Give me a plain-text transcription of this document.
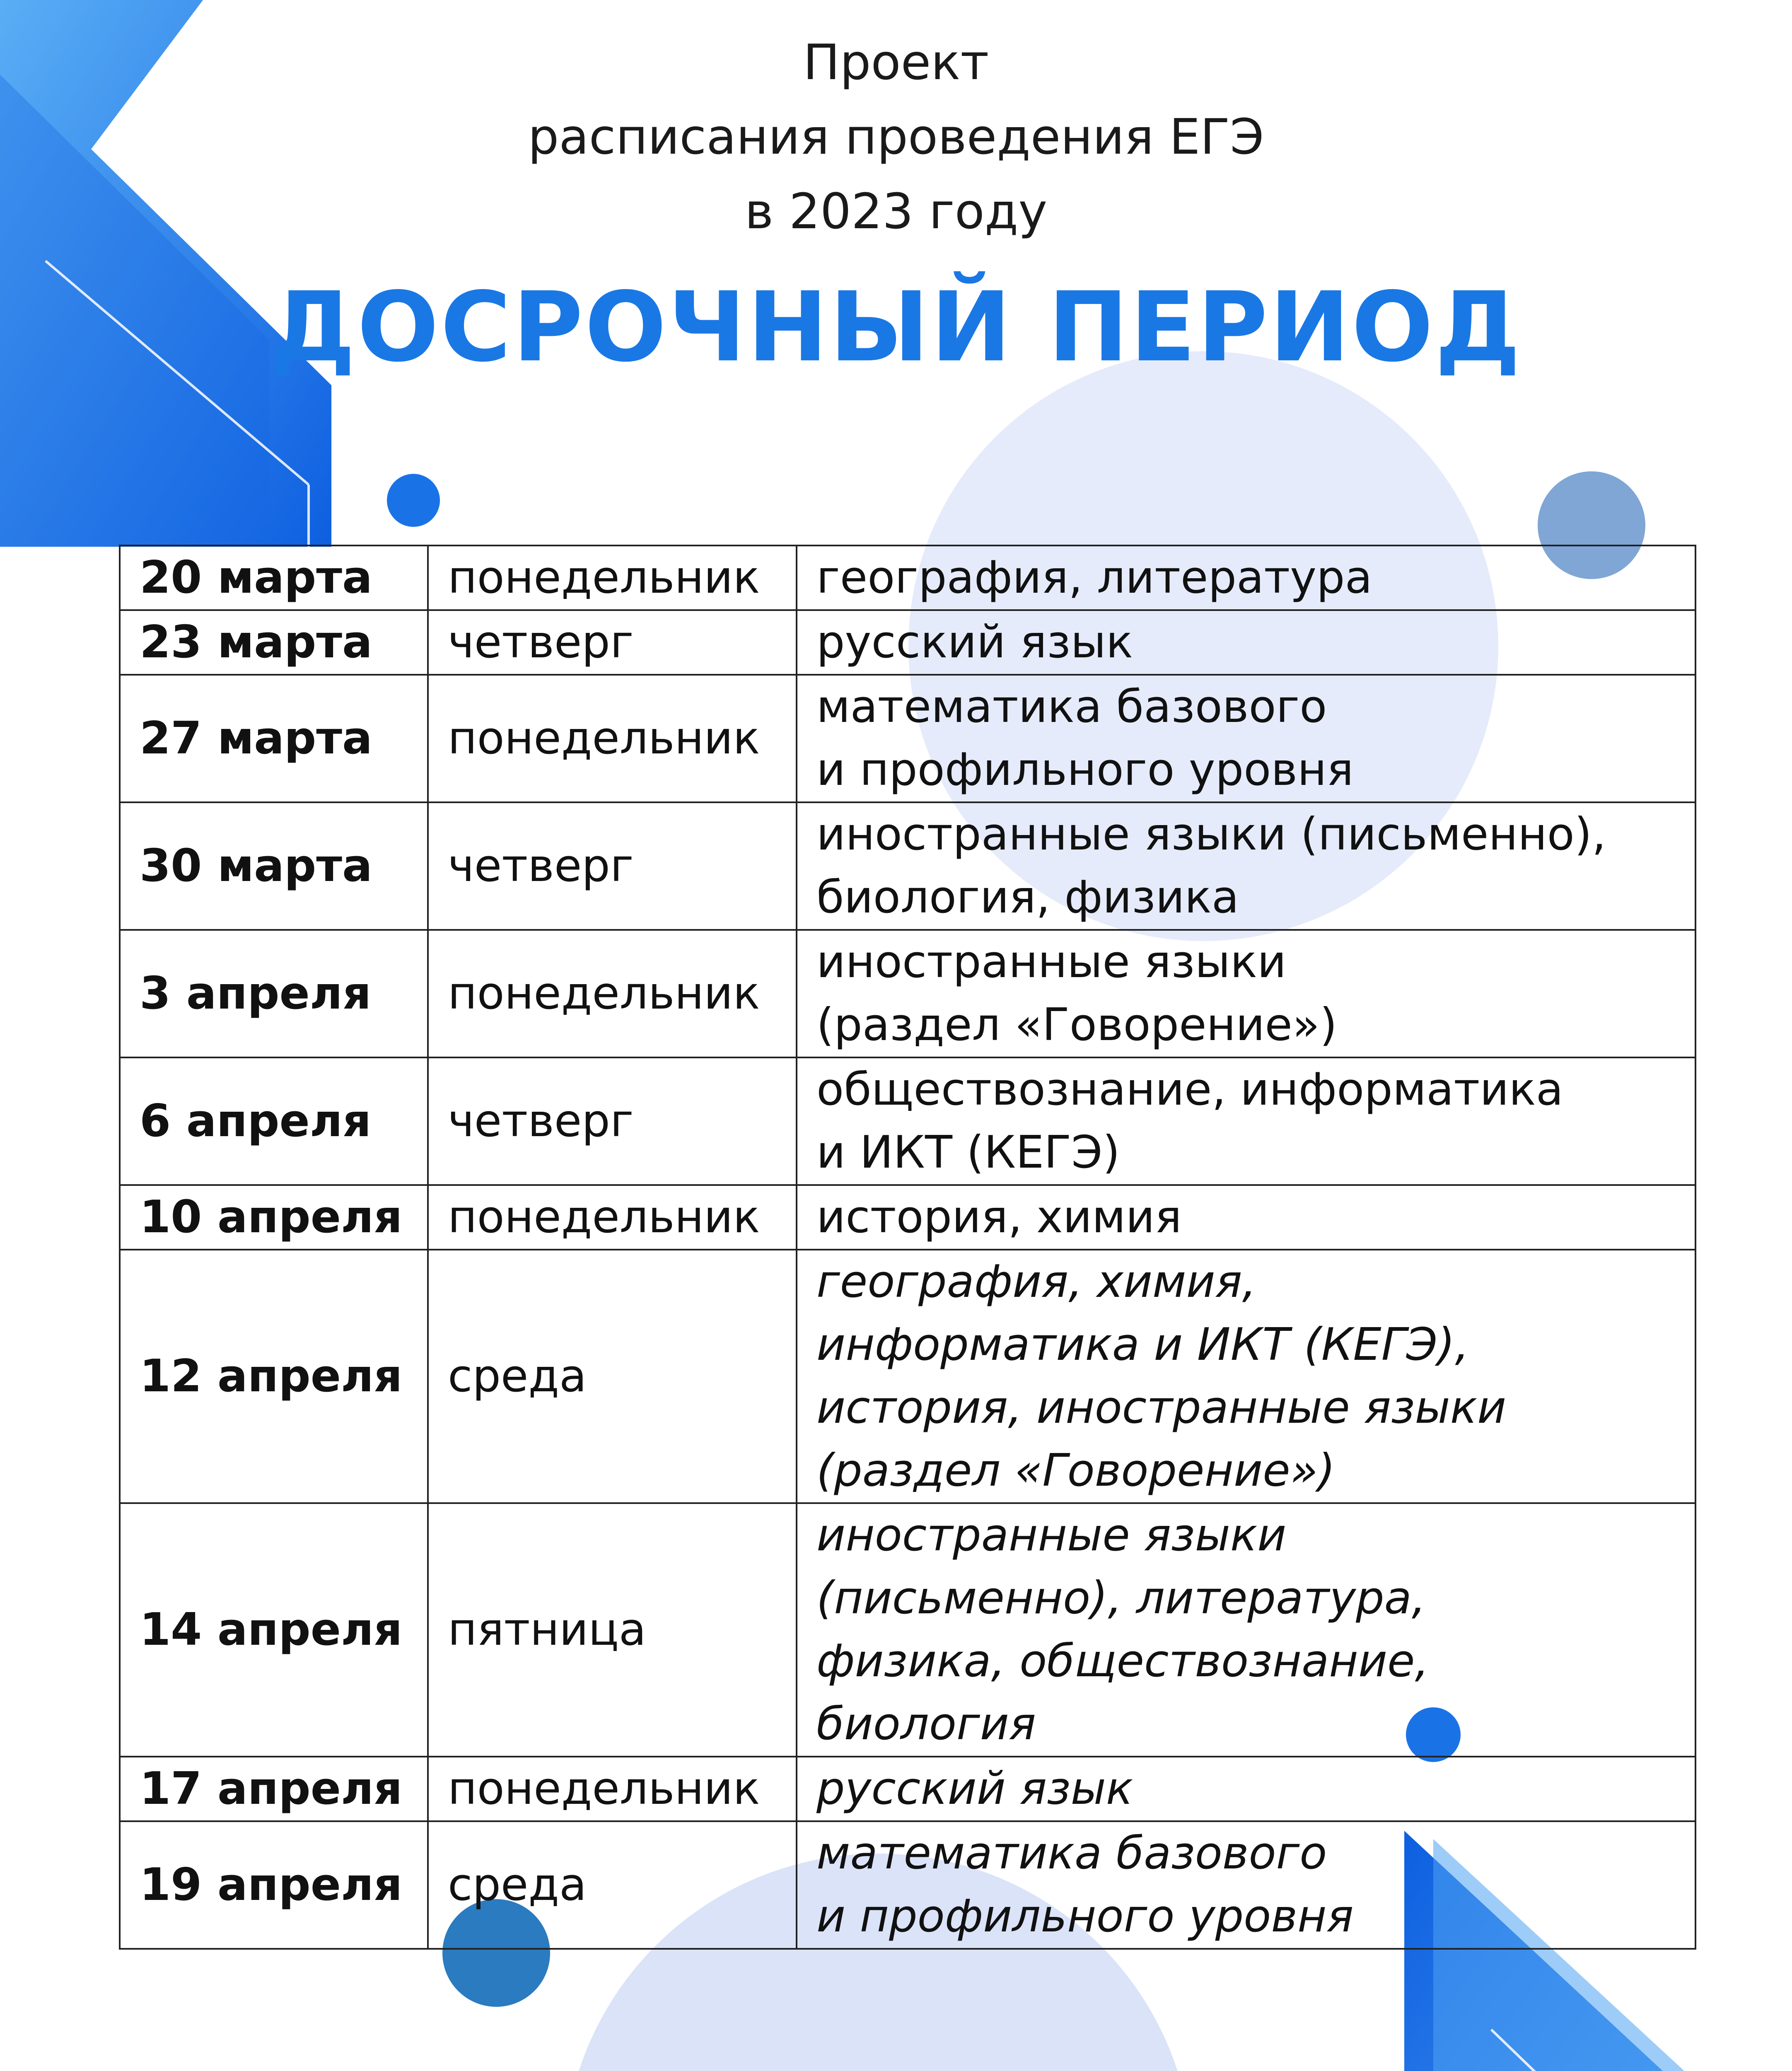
Проект
расписания проведения ЕГЭ
в 2023 году
ДОСРОЧНЫЙ ПЕРИОД
20 марта	понедельник	география, литература
23 марта	четверг	русский язык
27 марта	понедельник	математика базового
и профильного уровня
30 марта	четверг	иностранные языки (письменно),
биология, физика
3 апреля	понедельник	иностранные языки
(раздел «Говорение»)
6 апреля	четверг	обществознание, информатика
и ИКТ (КЕГЭ)
10 апреля	понедельник	история, химия
12 апреля	среда	география, химия,
информатика и ИКТ (КЕГЭ),
история, иностранные языки
(раздел «Говорение»)
14 апреля	пятница	иностранные языки
(письменно), литература,
физика, обществознание,
биология
17 апреля	понедельник	русский язык
19 апреля	среда	математика базового
и профильного уровня
